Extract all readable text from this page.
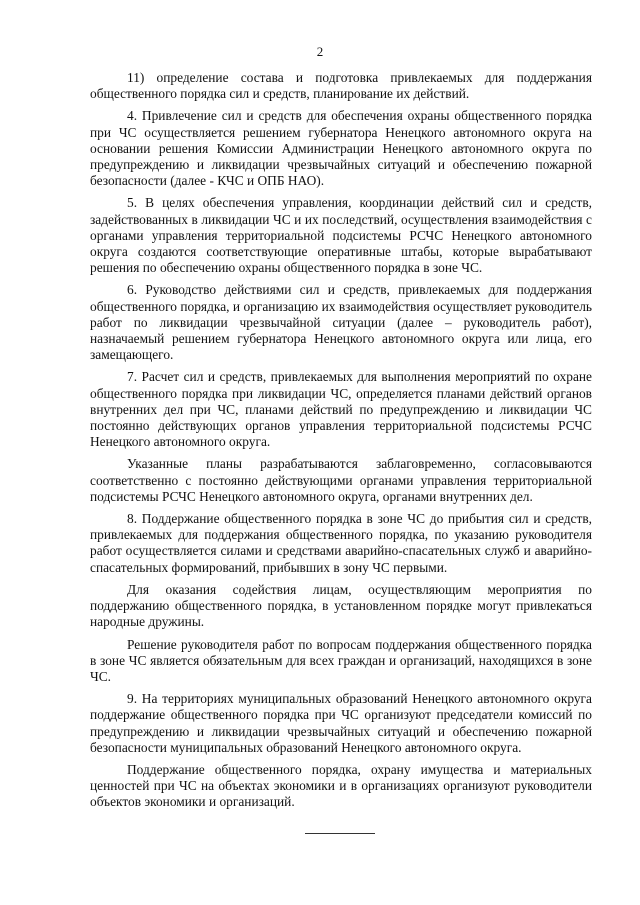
2

11) определение состава и подготовка привлекаемых для поддержания общественного порядка сил и средств, планирование их действий.

4. Привлечение сил и средств для обеспечения охраны общественного порядка при ЧС осуществляется решением губернатора Ненецкого автономного округа на основании решения Комиссии Администрации Ненецкого автономного округа по предупреждению и ликвидации чрезвычайных ситуаций и обеспечению пожарной безопасности (далее - КЧС и ОПБ НАО).

5. В целях обеспечения управления, координации действий сил и средств, задействованных в ликвидации ЧС и их последствий, осуществления взаимодействия с органами управления территориальной подсистемы РСЧС Ненецкого автономного округа создаются соответствующие оперативные штабы, которые вырабатывают решения по обеспечению охраны общественного порядка в зоне ЧС.

6. Руководство действиями сил и средств, привлекаемых для поддержания общественного порядка, и организацию их взаимодействия осуществляет руководитель работ по ликвидации чрезвычайной ситуации (далее – руководитель работ), назначаемый решением губернатора Ненецкого автономного округа или лица, его замещающего.

7. Расчет сил и средств, привлекаемых для выполнения мероприятий по охране общественного порядка при ликвидации ЧС, определяется планами действий органов внутренних дел при ЧС, планами действий по предупреждению и ликвидации ЧС постоянно действующих органов управления территориальной подсистемы РСЧС Ненецкого автономного округа.

Указанные планы разрабатываются заблаговременно, согласовываются соответственно с постоянно действующими органами управления территориальной подсистемы РСЧС Ненецкого автономного округа, органами внутренних дел.

8. Поддержание общественного порядка в зоне ЧС до прибытия сил и средств, привлекаемых для поддержания общественного порядка, по указанию руководителя работ осуществляется силами и средствами аварийно-спасательных служб и аварийно-спасательных формирований, прибывших в зону ЧС первыми.

Для оказания содействия лицам, осуществляющим мероприятия по поддержанию общественного порядка, в установленном порядке могут привлекаться народные дружины.

Решение руководителя работ по вопросам поддержания общественного порядка в зоне ЧС является обязательным для всех граждан и организаций, находящихся в зоне ЧС.

9. На территориях муниципальных образований Ненецкого автономного округа поддержание общественного порядка при ЧС организуют председатели комиссий по предупреждению и ликвидации чрезвычайных ситуаций и обеспечению пожарной безопасности муниципальных образований Ненецкого автономного округа.

Поддержание общественного порядка, охрану имущества и материальных ценностей при ЧС на объектах экономики и в организациях организуют руководители объектов экономики и организаций.
